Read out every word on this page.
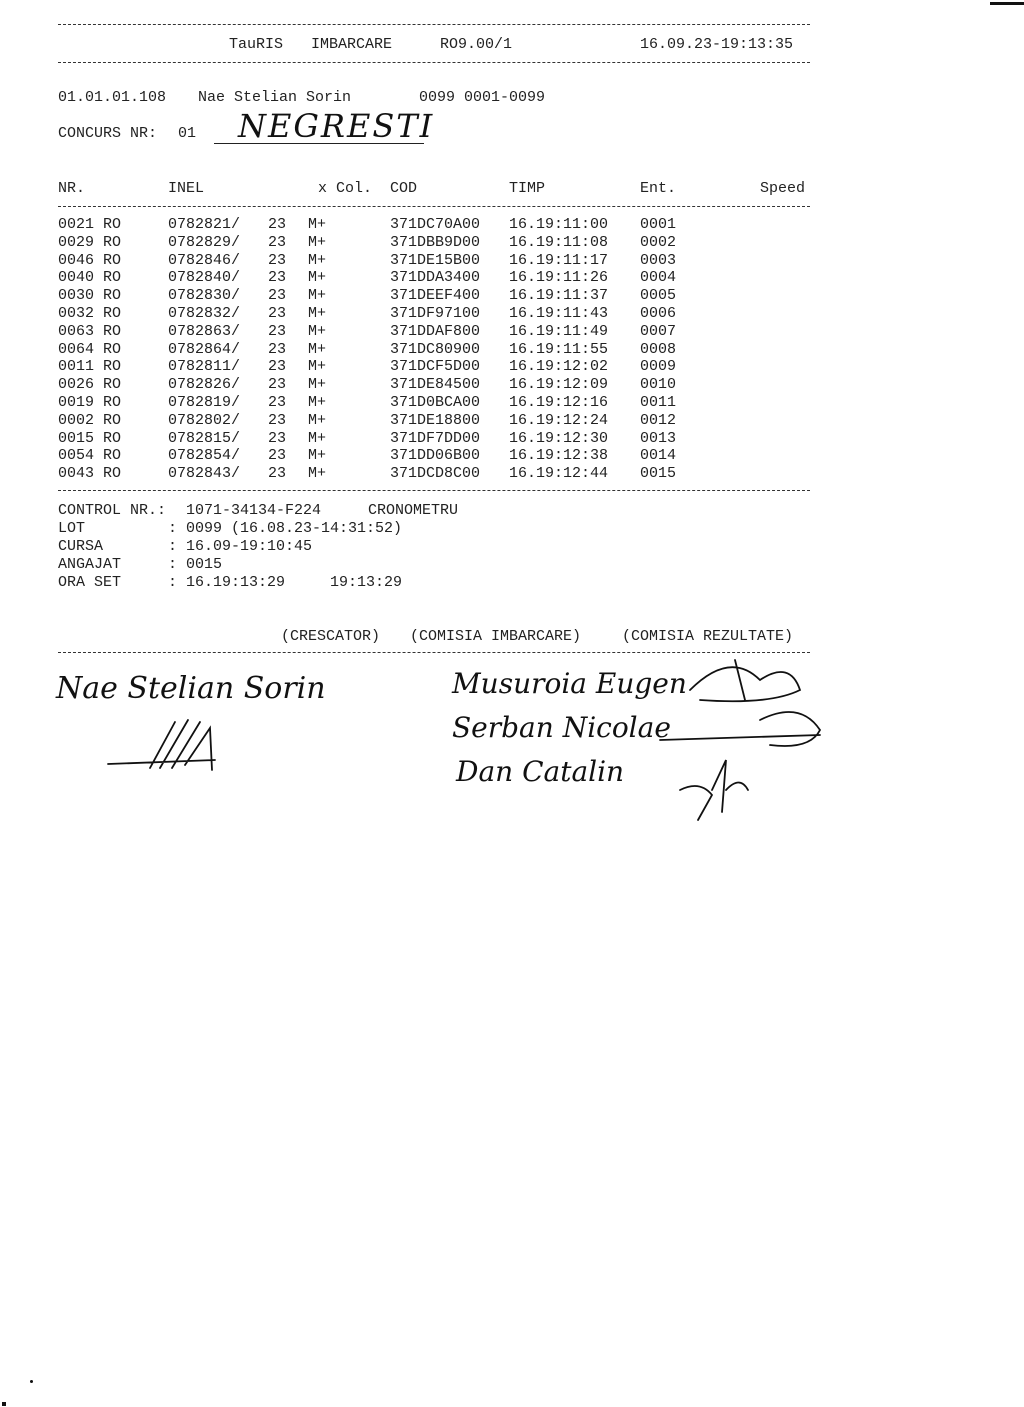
TauRIS IMBARCARE	RO9.00/1	16.09.23-19:13:35
01.01.01.108 Nae Stelian Sorin	0099 0001-0099
CONCURS NR: 01 NEGRESTI
NR.	INEL	x Col. COD	TIMP	Ent.	Speed
0021 RO	0782821/ 23 M+	371DC70A00 16.19:11:00 0001
0029 RO	0782829/ 23 M+	371DBB9D00 16.19:11:08 0002
0046 RO	0782846/ 23 M+	371DE15B00 16.19:11:17 0003
0040 RO	0782840/ 23 M+	371DDA3400 16.19:11:26 0004
0030 RO	0782830/ 23 M+	371DEEF400 16.19:11:37 0005
0032 RO	0782832/ 23 M+	371DF97100 16.19:11:43 0006
0063 RO	0782863/ 23 M+	371DDAF800 16.19:11:49 0007
0064 RO	0782864/ 23 M+	371DC80900 16.19:11:55 0008
0011 RO	0782811/ 23 M+	371DCF5D00 16.19:12:02 0009
0026 RO	0782826/ 23 M+	371DE84500 16.19:12:09 0010
0019 RO	0782819/ 23 M+	371D0BCA00 16.19:12:16 0011
0002 RO	0782802/ 23 M+	371DE18800 16.19:12:24 0012
0015 RO	0782815/ 23 M+	371DF7DD00 16.19:12:30 0013
0054 RO	0782854/ 23 M+	371DD06B00 16.19:12:38 0014
0043 RO	0782843/ 23 M+	371DCD8C00 16.19:12:44 0015
CONTROL NR.: 1071-34134-F224	CRONOMETRU
LOT	: 0099 (16.08.23-14:31:52)
CURSA	: 16.09-19:10:45
ANGAJAT	: 0015
ORA SET	: 16.19:13:29	19:13:29
(CRESCATOR) (COMISIA IMBARCARE)	(COMISIA REZULTATE)
Nae Stelian Sorin	Musuroia Eugen
Serban Nicolae
Dan Catalin
